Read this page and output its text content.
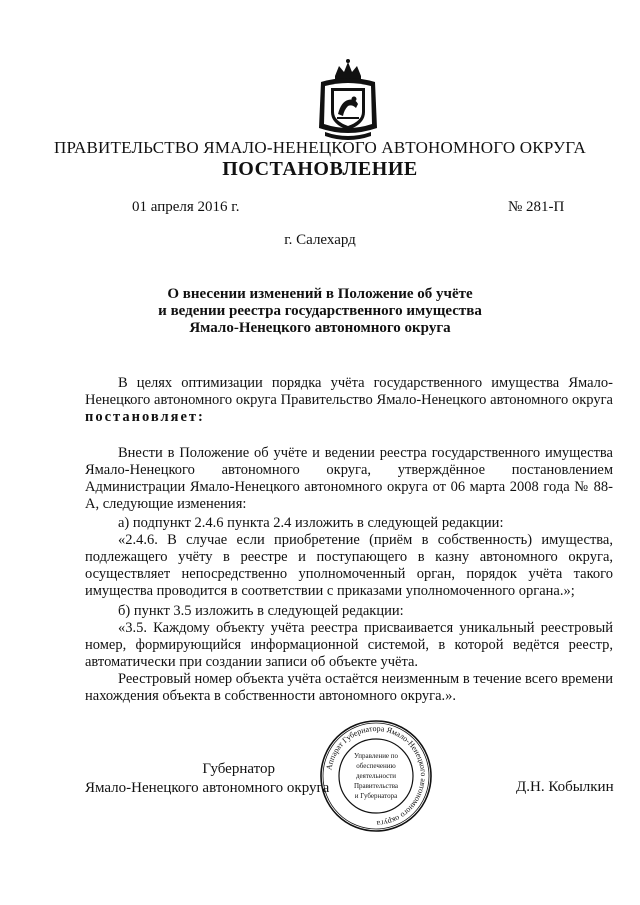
ПРАВИТЕЛЬСТВО ЯМАЛО-НЕНЕЦКОГО АВТОНОМНОГО ОКРУГА
ПОСТАНОВЛЕНИЕ
01 апреля 2016 г.	№ 281-П
г. Салехард
О внесении изменений в Положение об учёте
и ведении реестра государственного имущества
Ямало-Ненецкого автономного округа
В целях оптимизации порядка учёта государственного имущества Ямало-Ненецкого автономного округа Правительство Ямало-Ненецкого автономного округа постановляет:
Внести в Положение об учёте и ведении реестра государственного имущества Ямало-Ненецкого автономного округа, утверждённое постановлением Администрации Ямало-Ненецкого автономного округа от 06 марта 2008 года № 88-А, следующие изменения:
а) подпункт 2.4.6 пункта 2.4 изложить в следующей редакции:
«2.4.6. В случае если приобретение (приём в собственность) имущества, подлежащего учёту в реестре и поступающего в казну автономного округа, осуществляет непосредственно уполномоченный орган, порядок учёта такого имущества проводится в соответствии с приказами уполномоченного органа.»;
б) пункт 3.5 изложить в следующей редакции:
«3.5. Каждому объекту учёта реестра присваивается уникальный реестровый номер, формирующийся информационной системой, в которой ведётся реестр, автоматически при создании записи об объекте учёта.
Реестровый номер объекта учёта остаётся неизменным в течение всего времени нахождения объекта в собственности автономного округа.».
Губернатор
Ямало-Ненецкого автономного округа	Д.Н. Кобылкин
Аппарат Губернатора Ямало-Ненецкого автономного округа
Управление по
обеспечению
деятельности
Правительства
и Губернатора
